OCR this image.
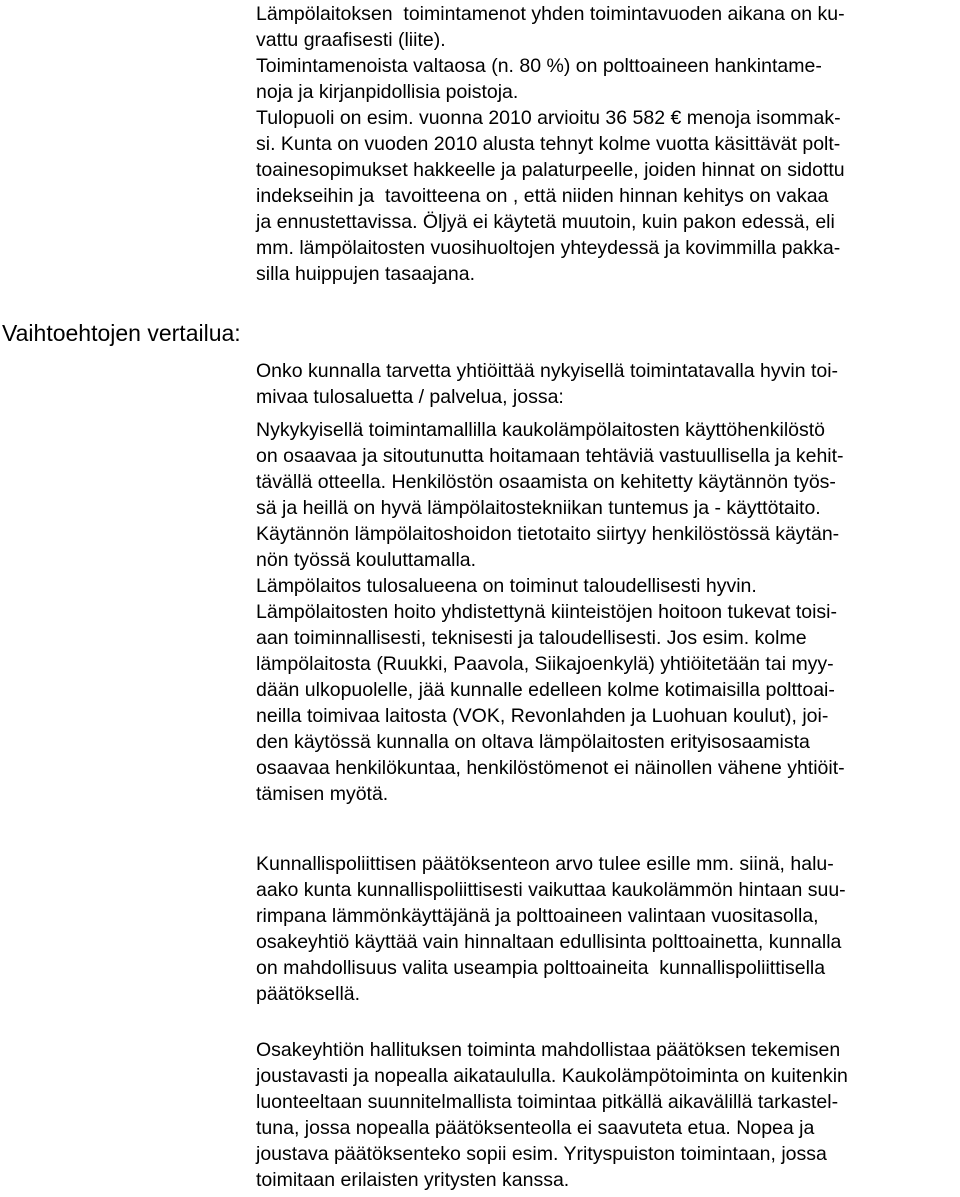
Lämpölaitoksen  toimintamenot yhden toimintavuoden aikana on ku-
vattu graafisesti (liite).
Toimintamenoista valtaosa (n. 80 %) on polttoaineen hankintame-
noja ja kirjanpidollisia poistoja.
Tulopuoli on esim. vuonna 2010 arvioitu 36 582 € menoja isommak-
si. Kunta on vuoden 2010 alusta tehnyt kolme vuotta käsittävät polt-
toainesopimukset hakkeelle ja palaturpeelle, joiden hinnat on sidottu
indekseihin ja  tavoitteena on , että niiden hinnan kehitys on vakaa
ja ennustettavissa. Öljyä ei käytetä muutoin, kuin pakon edessä, eli
mm. lämpölaitosten vuosihuoltojen yhteydessä ja kovimmilla pakka-
silla huippujen tasaajana.
Vaihtoehtojen vertailua:
Onko kunnalla tarvetta yhtiöittää nykyisellä toimintatavalla hyvin toi-
mivaa tulosaluetta / palvelua, jossa:
Nykykyisellä toimintamallilla kaukolämpölaitosten käyttöhenkilöstö
on osaavaa ja sitoutunutta hoitamaan tehtäviä vastuullisella ja kehit-
tävällä otteella. Henkilöstön osaamista on kehitetty käytännön työs-
sä ja heillä on hyvä lämpölaitostekniikan tuntemus ja - käyttötaito.
Käytännön lämpölaitoshoidon tietotaito siirtyy henkilöstössä käytän-
nön työssä kouluttamalla.
Lämpölaitos tulosalueena on toiminut taloudellisesti hyvin.
Lämpölaitosten hoito yhdistettynä kiinteistöjen hoitoon tukevat toisi-
aan toiminnallisesti, teknisesti ja taloudellisesti. Jos esim. kolme
lämpölaitosta (Ruukki, Paavola, Siikajoenkylä) yhtiöitetään tai myy-
dään ulkopuolelle, jää kunnalle edelleen kolme kotimaisilla polttoai-
neilla toimivaa laitosta (VOK, Revonlahden ja Luohuan koulut), joi-
den käytössä kunnalla on oltava lämpölaitosten erityisosaamista
osaavaa henkilökuntaa, henkilöstömenot ei näinollen vähene yhtiöit-
tämisen myötä.
Kunnallispoliittisen päätöksenteon arvo tulee esille mm. siinä, halu-
aako kunta kunnallispoliittisesti vaikuttaa kaukolämmön hintaan suu-
rimpana lämmönkäyttäjänä ja polttoaineen valintaan vuositasolla,
osakeyhtiö käyttää vain hinnaltaan edullisinta polttoainetta, kunnalla
on mahdollisuus valita useampia polttoaineita  kunnallispoliittisella
päätöksellä.
Osakeyhtiön hallituksen toiminta mahdollistaa päätöksen tekemisen
joustavasti ja nopealla aikataululla. Kaukolämpötoiminta on kuitenkin
luonteeltaan suunnitelmallista toimintaa pitkällä aikavälillä tarkastel-
tuna, jossa nopealla päätöksenteolla ei saavuteta etua. Nopea ja
joustava päätöksenteko sopii esim. Yrityspuiston toimintaan, jossa
toimitaan erilaisten yritysten kanssa.
